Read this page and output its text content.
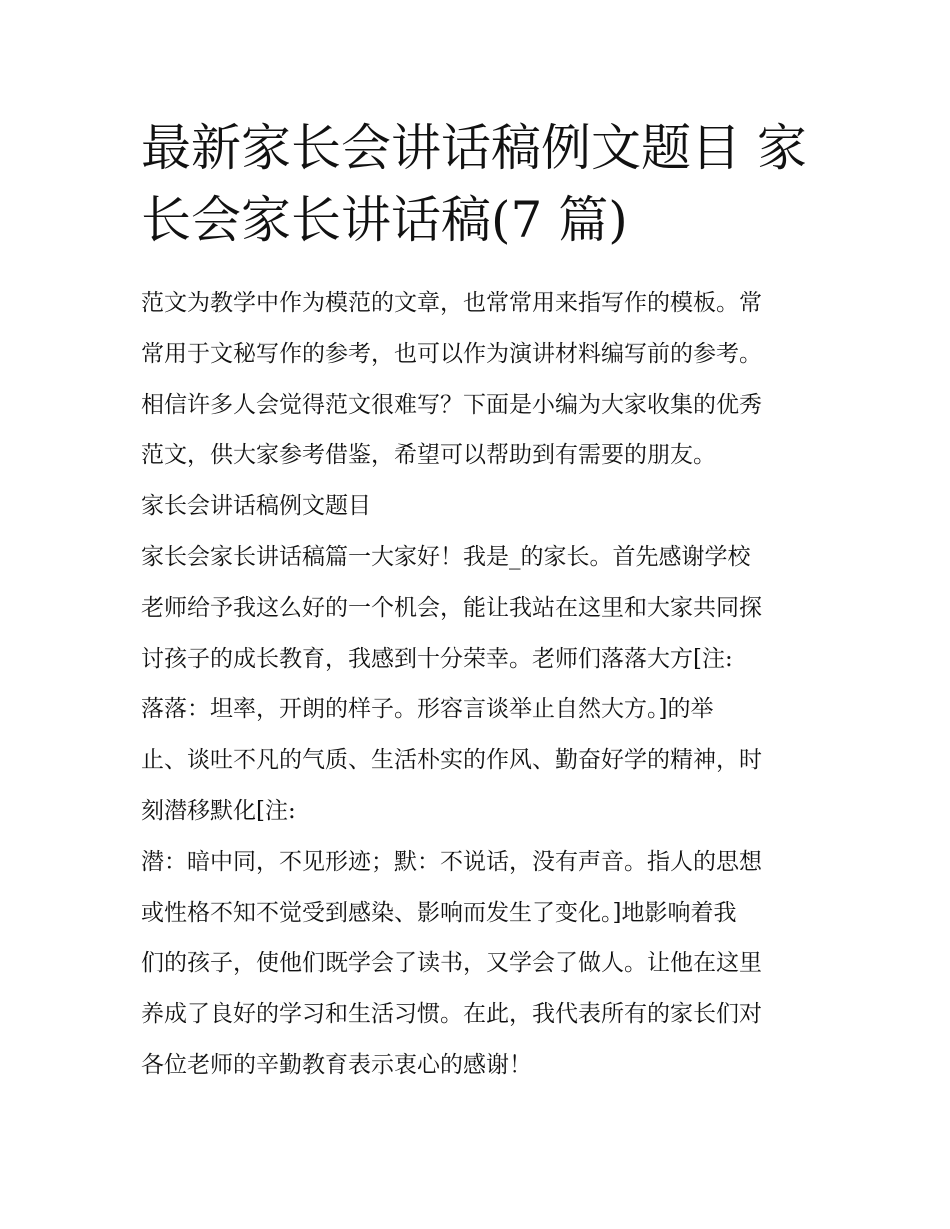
最新家长会讲话稿例文题目 家
长会家长讲话稿(7 篇)
范文为教学中作为模范的文章，也常常用来指写作的模板。常
常用于文秘写作的参考，也可以作为演讲材料编写前的参考。
相信许多人会觉得范文很难写？下面是小编为大家收集的优秀
范文，供大家参考借鉴，希望可以帮助到有需要的朋友。
家长会讲话稿例文题目
家长会家长讲话稿篇一大家好！我是_的家长。首先感谢学校
老师给予我这么好的一个机会，能让我站在这里和大家共同探
讨孩子的成长教育，我感到十分荣幸。老师们落落大方[注:
落落：坦率，开朗的样子。形容言谈举止自然大方。]的举
止、谈吐不凡的气质、生活朴实的作风、勤奋好学的精神，时
刻潜移默化[注:
潜：暗中同，不见形迹；默：不说话，没有声音。指人的思想
或性格不知不觉受到感染、影响而发生了变化。]地影响着我
们的孩子，使他们既学会了读书，又学会了做人。让他在这里
养成了良好的学习和生活习惯。在此，我代表所有的家长们对
各位老师的辛勤教育表示衷心的感谢！
